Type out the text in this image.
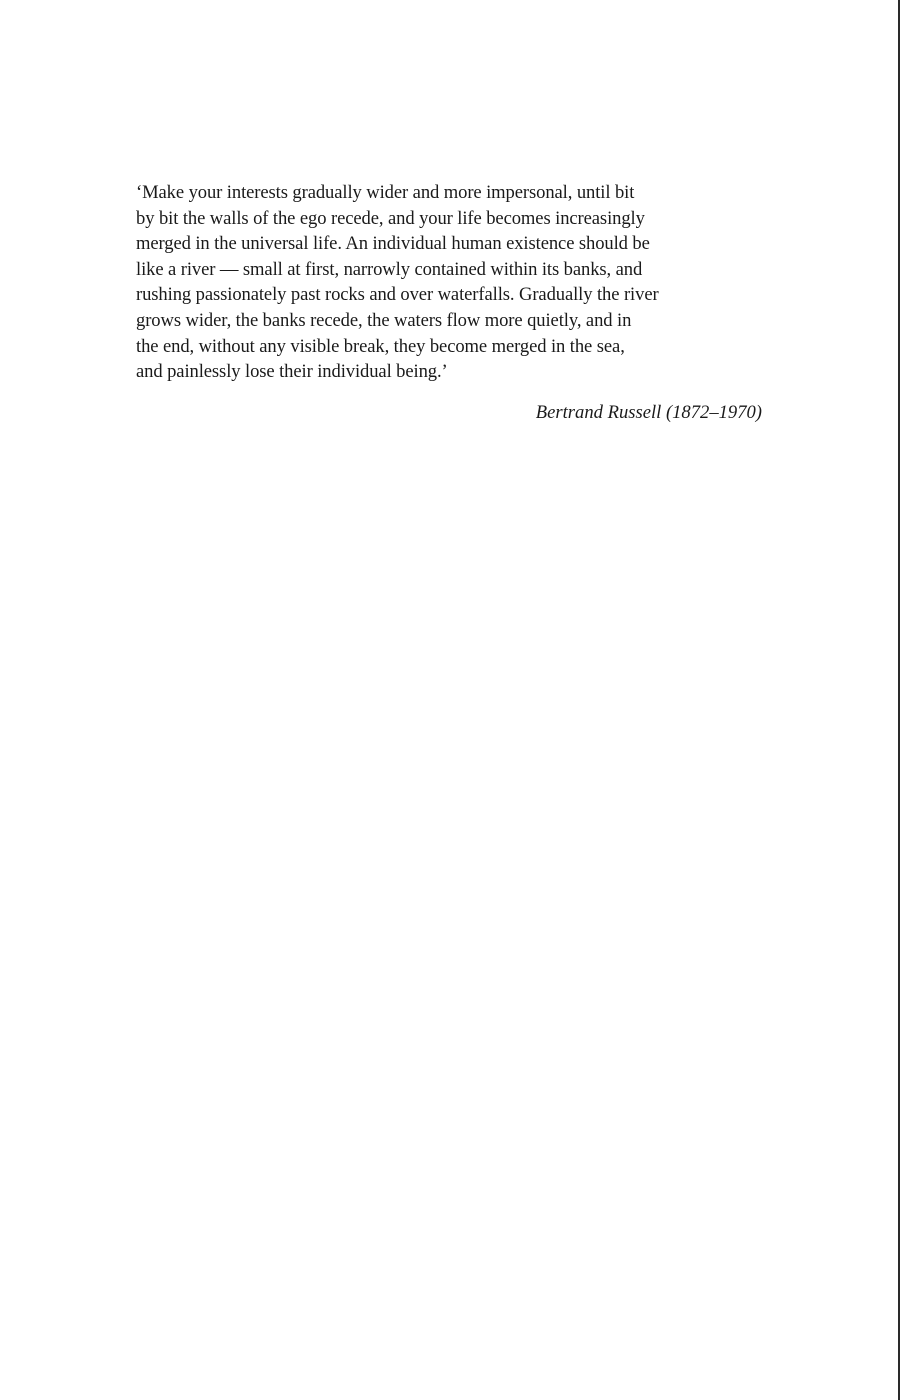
‘Make your interests gradually wider and more impersonal, until bit
by bit the walls of the ego recede, and your life becomes increasingly
merged in the universal life. An individual human existence should be
like a river — small at first, narrowly contained within its banks, and
rushing passionately past rocks and over waterfalls. Gradually the river
grows wider, the banks recede, the waters flow more quietly, and in
the end, without any visible break, they become merged in the sea,
and painlessly lose their individual being.’
Bertrand Russell (1872–1970)
